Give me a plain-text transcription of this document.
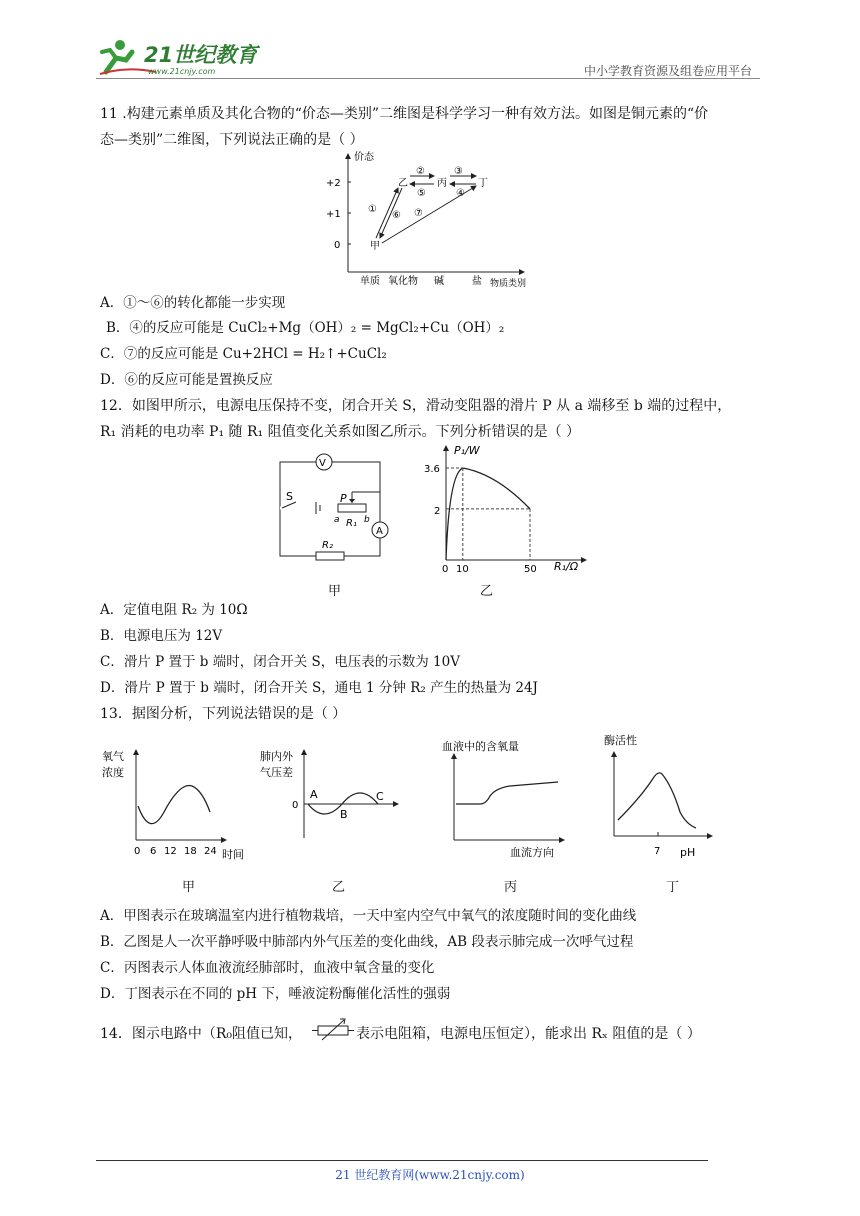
21世纪教育
www.21cnjy.com	中小学教育资源及组卷应用平台
11 .构建元素单质及其化合物的“价态—类别”二维图是科学学习一种有效方法。如图是铜元素的“价
态—类别”二维图，下列说法正确的是（ ）
价态
+2
+1
0
单质 氧化物 碱	盐 物质类别
甲
乙	丙	丁
①
②	③
④
⑤
⑥ ⑦
A．①～⑥的转化都能一步实现
B．④的反应可能是 CuCl₂+Mg（OH）₂ = MgCl₂+Cu（OH）₂
C．⑦的反应可能是 Cu+2HCl = H₂↑+CuCl₂
D．⑥的反应可能是置换反应
12．如图甲所示，电源电压保持不变，闭合开关 S，滑动变阻器的滑片 P 从 a 端移至 b 端的过程中，
R₁ 消耗的电功率 P₁ 随 R₁ 阻值变化关系如图乙所示。下列分析错误的是（ ）
V
A
S	P
a	b
R₁
R₂
甲
P₁/W
R₁/Ω
3.6
2
0 10	50
乙
A．定值电阻 R₂ 为 10Ω
B．电源电压为 12V
C．滑片 P 置于 b 端时，闭合开关 S，电压表的示数为 10V
D．滑片 P 置于 b 端时，闭合开关 S，通电 1 分钟 R₂ 产生的热量为 24J
13．据图分析，下列说法错误的是（ ）
氧气
浓度
0 6 12 18 24 时间
甲
肺内外
气压差
0
A
B
C
乙
血液中的含氧量
血流方向
丙
酶活性
7 pH
丁
A．甲图表示在玻璃温室内进行植物栽培，一天中室内空气中氧气的浓度随时间的变化曲线
B．乙图是人一次平静呼吸中肺部内外气压差的变化曲线，AB 段表示肺完成一次呼气过程
C．丙图表示人体血液流经肺部时，血液中氧含量的变化
D．丁图表示在不同的 pH 下，唾液淀粉酶催化活性的强弱
14．图示电路中（R₀阻值已知，	表示电阻箱，电源电压恒定），能求出 Rₓ 阻值的是（ ）
21 世纪教育网(www.21cnjy.com)
